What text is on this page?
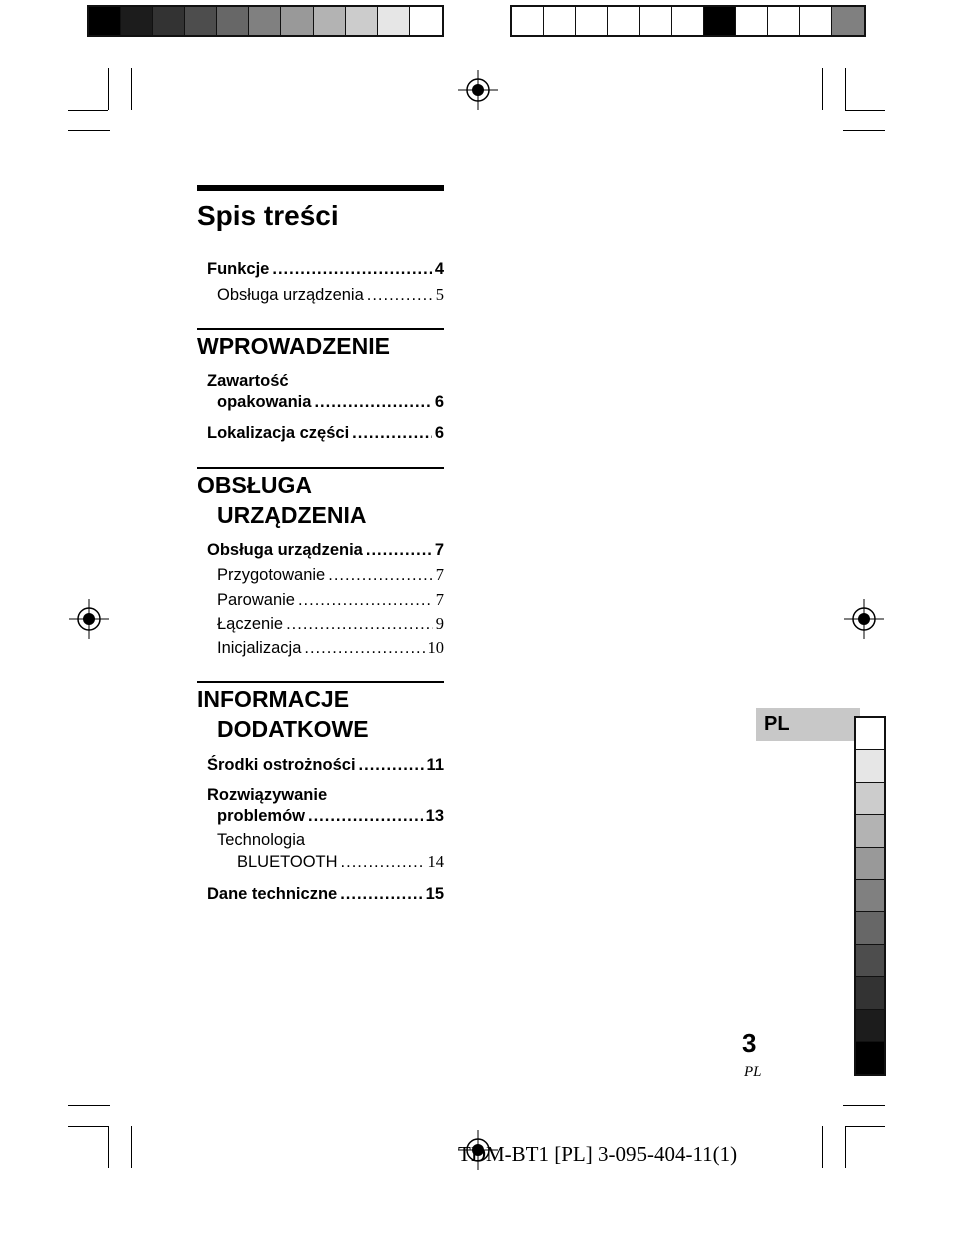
Spis treści
Funkcje .....	4
Obsługa urządzenia .....	5
WPROWADZENIE
Zawartość
opakowania .....	6
Lokalizacja części .....	6
OBSŁUGA
URZĄDZENIA
Obsługa urządzenia .....	7
Przygotowanie .....	7
Parowanie .....	7
Łączenie .....	9
Inicjalizacja .....	10
INFORMACJE
DODATKOWE
Środki ostrożności .....	11
Rozwiązywanie
problemów .....	13
Technologia
BLUETOOTH .....	14
Dane techniczne .....	15
PL
3
PL
TDM-BT1 [PL] 3-095-404-11(1)
